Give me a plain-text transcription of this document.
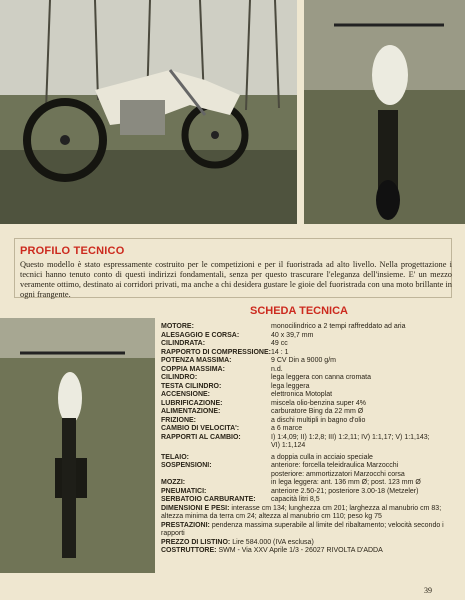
PROFILO TECNICO

Questo modello è stato espressamente costruito per le competizioni e per il fuoristrada ad alto livello. Nella progettazione i tecnici hanno tenuto conto di questi indirizzi fondamentali, senza per questo trascurare l'eleganza dell'insieme. E' un mezzo veramente ottimo, destinato ai corridori privati, ma anche a chi desidera gustare le gioie del fuoristrada con una moto brillante in ogni frangente.

SCHEDA TECNICA
MOTORE:	monocilindrico a 2 tempi raffreddato ad aria
ALESAGGIO E CORSA:	40 x 39,7 mm
CILINDRATA:	49 cc
RAPPORTO DI COMPRESSIONE: 14 : 1
POTENZA MASSIMA:	9 CV Din a 9000 g/m
COPPIA MASSIMA:	n.d.
CILINDRO:	lega leggera con canna cromata
TESTA CILINDRO:	lega leggera
ACCENSIONE:	elettronica Motoplat
LUBRIFICAZIONE:	miscela olio-benzina super 4%
ALIMENTAZIONE:	carburatore Bing da 22 mm Ø
FRIZIONE:	a dischi multipli in bagno d'olio
CAMBIO DI VELOCITA':	a 6 marce
RAPPORTI AL CAMBIO:	I) 1:4,09; II) 1:2,8; III) 1:2,11; IV) 1:1,17; V) 1:1,143;
VI) 1:1,124
TELAIO:	a doppia culla in acciaio speciale
SOSPENSIONI:	anteriore: forcella teleidraulica Marzocchi
posteriore: ammortizzatori Marzocchi corsa
MOZZI:	in lega leggera: ant. 136 mm Ø; post. 123 mm Ø
PNEUMATICI:	anteriore 2.50-21; posteriore 3.00-18 (Metzeler)
SERBATOIO CARBURANTE:	capacità litri 8,5
DIMENSIONI E PESI: interasse cm 134; lunghezza cm 201; larghezza al manubrio cm 83; altezza minima da terra cm 24; altezza al manubrio cm 110; peso kg 75
PRESTAZIONI: pendenza massima superabile al limite del ribaltamento; velocità secondo i rapporti
PREZZO DI LISTINO: Lire 584.000 (IVA esclusa)
COSTRUTTORE: SWM - Via XXV Aprile 1/3 - 26027 RIVOLTA D'ADDA

39
